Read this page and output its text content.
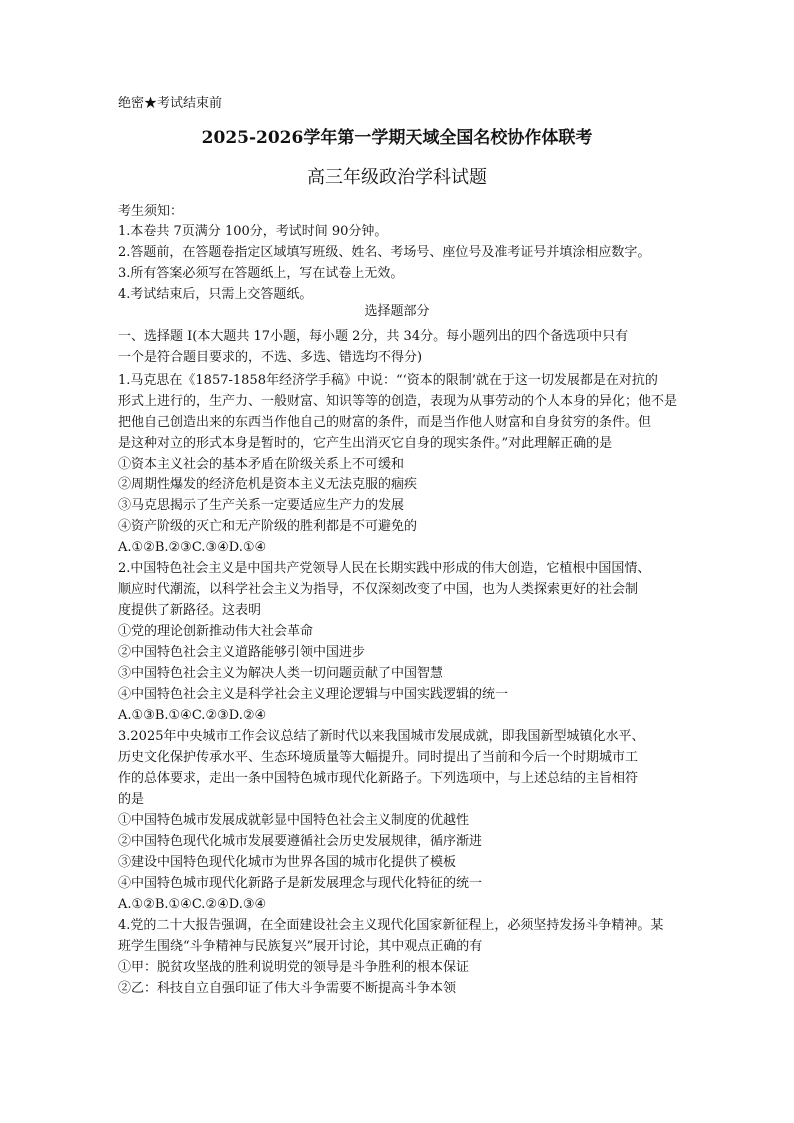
绝密★考试结束前
2025-2026学年第一学期天域全国名校协作体联考
高三年级政治学科试题
考生须知：
1.本卷共 7页满分 100分，考试时间 90分钟。
2.答题前，在答题卷指定区域填写班级、姓名、考场号、座位号及准考证号并填涂相应数字。
3.所有答案必须写在答题纸上，写在试卷上无效。
4.考试结束后，只需上交答题纸。
选择题部分
一、选择题 I(本大题共 17小题，每小题 2分，共 34分。每小题列出的四个备选项中只有
一个是符合题目要求的，不选、多选、错选均不得分)
1.马克思在《1857-1858年经济学手稿》中说：“‘资本的限制’就在于这一切发展都是在对抗的
形式上进行的，生产力、一般财富、知识等等的创造，表现为从事劳动的个人本身的异化；他不是
把他自己创造出来的东西当作他自己的财富的条件，而是当作他人财富和自身贫穷的条件。但
是这种对立的形式本身是暂时的，它产生出消灭它自身的现实条件。”对此理解正确的是
①资本主义社会的基本矛盾在阶级关系上不可缓和
②周期性爆发的经济危机是资本主义无法克服的痼疾
③马克思揭示了生产关系一定要适应生产力的发展
④资产阶级的灭亡和无产阶级的胜利都是不可避免的
A.①②B.②③C.③④D.①④
2.中国特色社会主义是中国共产党领导人民在长期实践中形成的伟大创造，它植根中国国情、
顺应时代潮流，以科学社会主义为指导，不仅深刻改变了中国，也为人类探索更好的社会制
度提供了新路径。这表明
①党的理论创新推动伟大社会革命
②中国特色社会主义道路能够引领中国进步
③中国特色社会主义为解决人类一切问题贡献了中国智慧
④中国特色社会主义是科学社会主义理论逻辑与中国实践逻辑的统一
A.①③B.①④C.②③D.②④
3.2025年中央城市工作会议总结了新时代以来我国城市发展成就，即我国新型城镇化水平、
历史文化保护传承水平、生态环境质量等大幅提升。同时提出了当前和今后一个时期城市工
作的总体要求，走出一条中国特色城市现代化新路子。下列选项中，与上述总结的主旨相符
的是
①中国特色城市发展成就彰显中国特色社会主义制度的优越性
②中国特色现代化城市发展要遵循社会历史发展规律，循序渐进
③建设中国特色现代化城市为世界各国的城市化提供了模板
④中国特色城市现代化新路子是新发展理念与现代化特征的统一
A.①②B.①④C.②④D.③④
4.党的二十大报告强调，在全面建设社会主义现代化国家新征程上，必须坚持发扬斗争精神。某
班学生围绕“斗争精神与民族复兴”展开讨论，其中观点正确的有
①甲：脱贫攻坚战的胜利说明党的领导是斗争胜利的根本保证
②乙：科技自立自强印证了伟大斗争需要不断提高斗争本领
